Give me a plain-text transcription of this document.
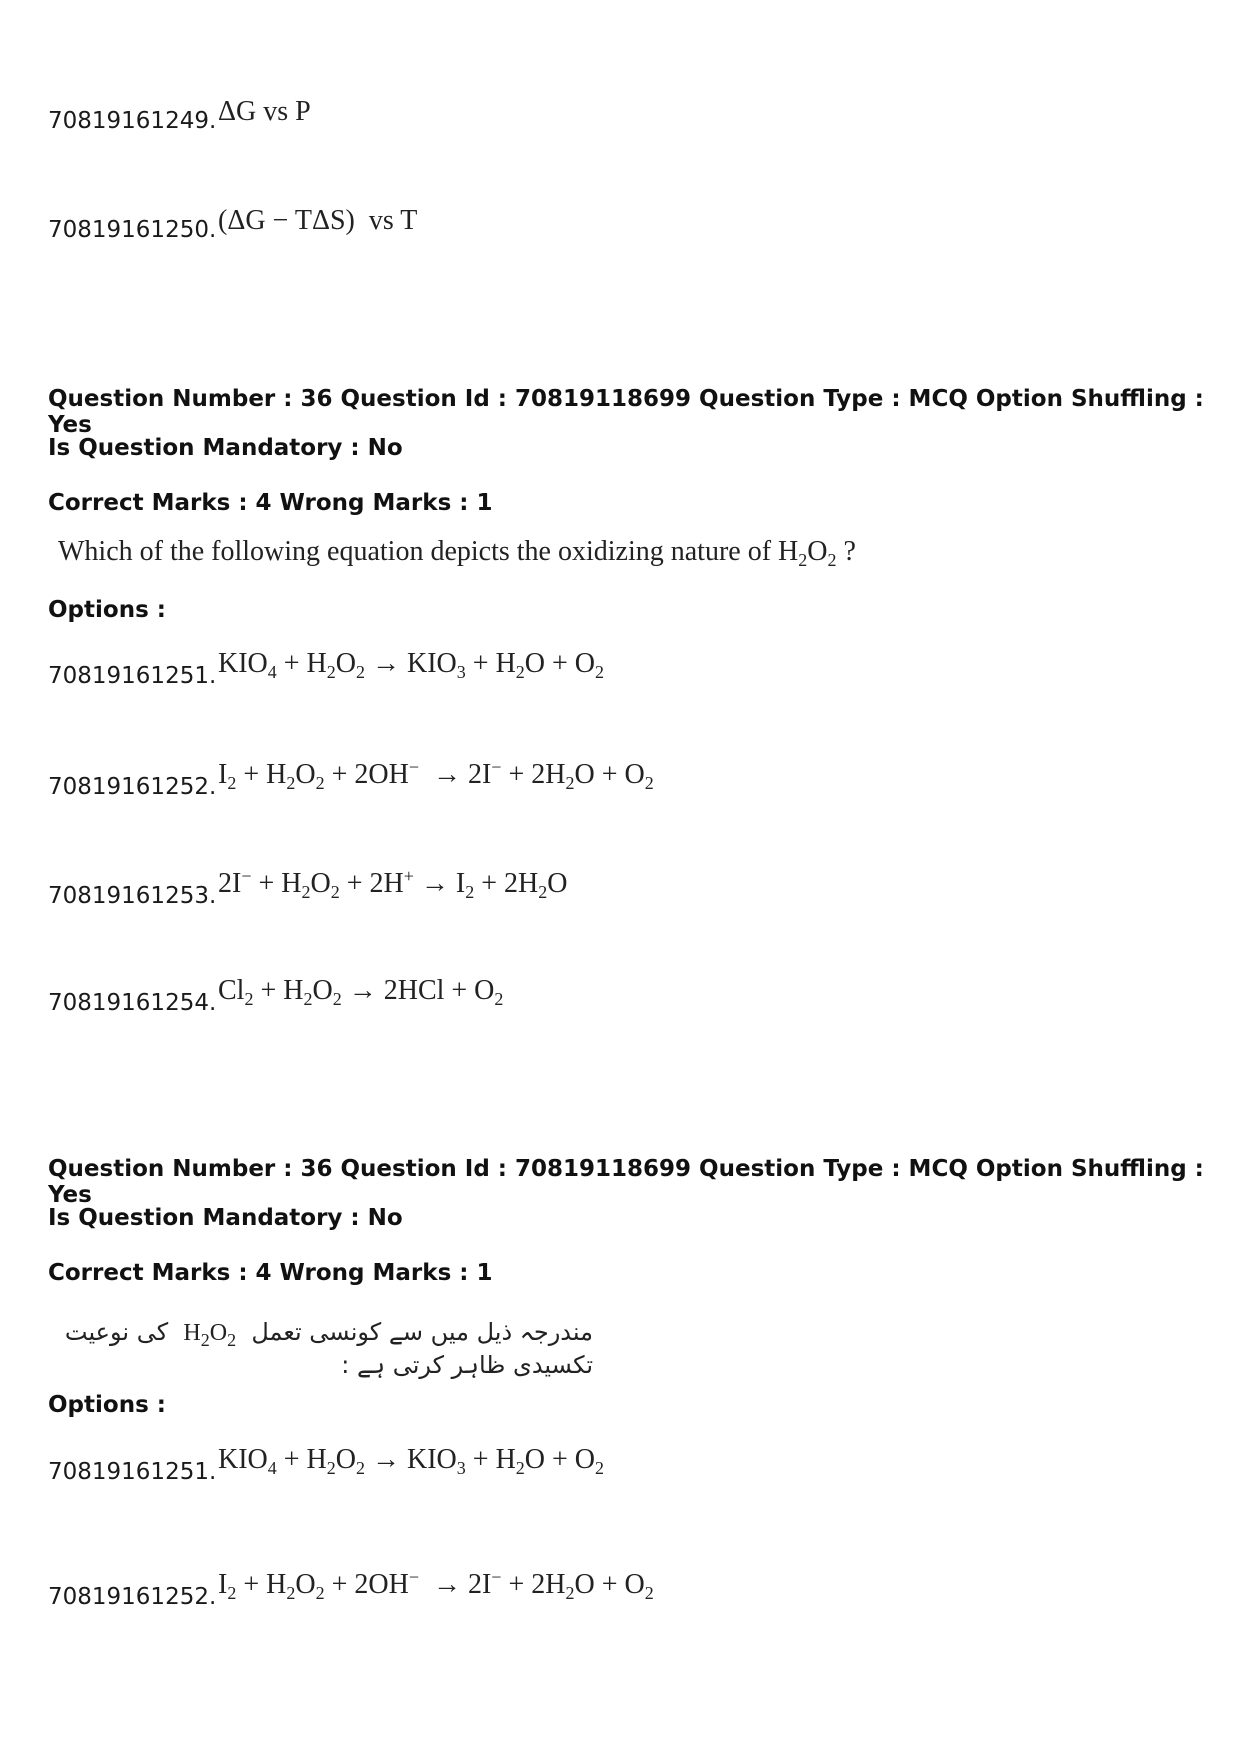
70819161249. ΔG vs P
70819161250. (ΔG − TΔS)  vs T
Question Number : 36 Question Id : 70819118699 Question Type : MCQ Option Shuffling : Yes
Is Question Mandatory : No
Correct Marks : 4 Wrong Marks : 1
Which of the following equation depicts the oxidizing nature of $H_2O_2$ ?
Options :
70819161251. $KIO_4 + H_2O_2 \to KIO_3 + H_2O + O_2$
70819161252. $I_2 + H_2O_2 + 2OH^- \to 2I^- + 2H_2O + O_2$
70819161253. $2I^- + H_2O_2 + 2H^+ \to I_2 + 2H_2O$
70819161254. $Cl_2 + H_2O_2 \to 2HCl + O_2$
Question Number : 36 Question Id : 70819118699 Question Type : MCQ Option Shuffling : Yes
Is Question Mandatory : No
Correct Marks : 4 Wrong Marks : 1
مندرجہ ذیل میں سے کونسی تعمل  $H_2O_2$  کی نوعیت تکسیدی ظاہر کرتی ہے :
Options :
70819161251. $KIO_4 + H_2O_2 \to KIO_3 + H_2O + O_2$
70819161252. $I_2 + H_2O_2 + 2OH^- \to 2I^- + 2H_2O + O_2$
